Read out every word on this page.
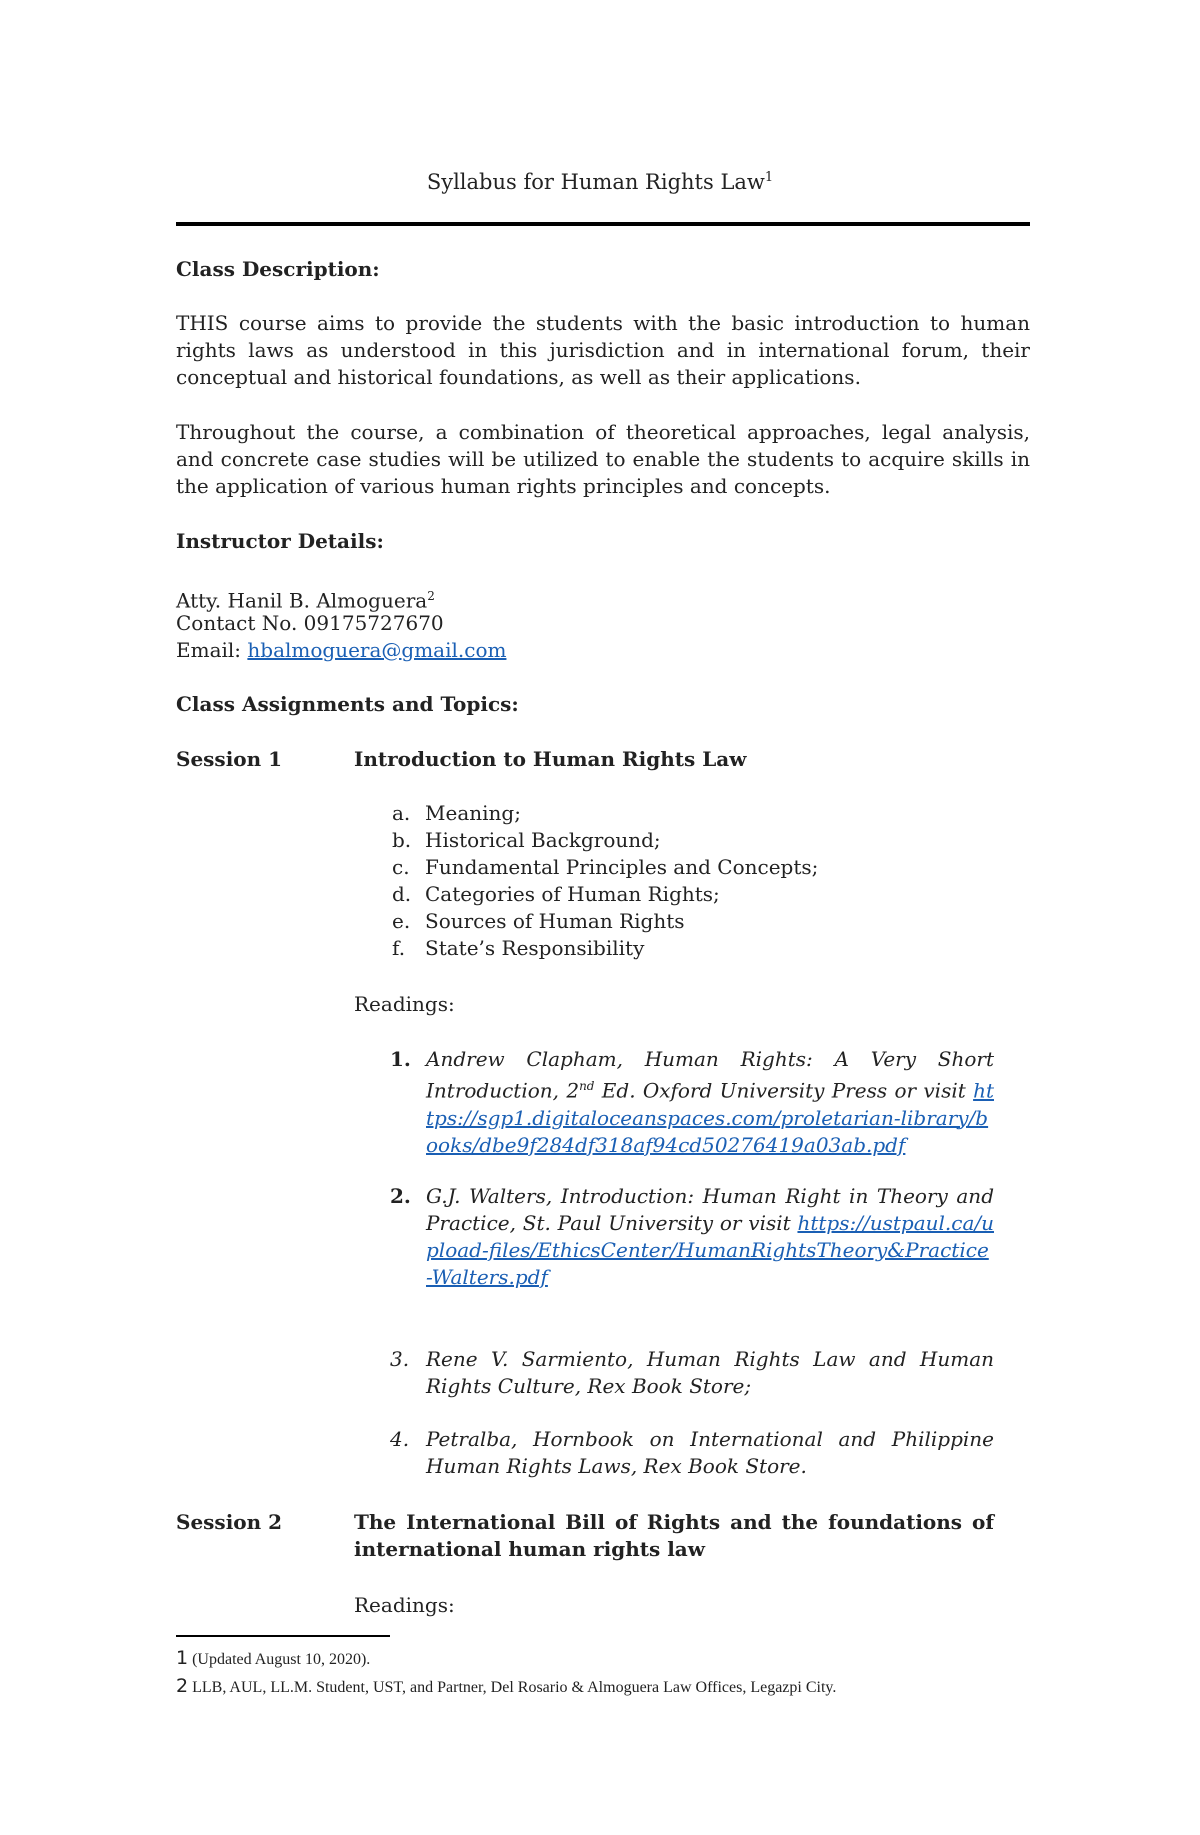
Syllabus for Human Rights Law$^1$
Class Description:
THIS course aims to provide the students with the basic introduction to human rights laws as understood in this jurisdiction and in international forum, their conceptual and historical foundations, as well as their applications.
Throughout the course, a combination of theoretical approaches, legal analysis, and concrete case studies will be utilized to enable the students to acquire skills in the application of various human rights principles and concepts.
Instructor Details:
Atty. Hanil B. Almoguera$^2$
Contact No. 09175727670
Email: hbalmoguera@gmail.com
Class Assignments and Topics:
Session 1	Introduction to Human Rights Law
a. Meaning;
b. Historical Background;
c. Fundamental Principles and Concepts;
d. Categories of Human Rights;
e. Sources of Human Rights
f. State’s Responsibility
Readings:
1. Andrew Clapham, Human Rights: A Very Short Introduction, 2nd Ed. Oxford University Press or visit https://sgp1.digitaloceanspaces.com/proletarian-library/books/dbe9f284df318af94cd50276419a03ab.pdf
2. G.J. Walters, Introduction: Human Right in Theory and Practice, St. Paul University or visit https://ustpaul.ca/upload-files/EthicsCenter/HumanRightsTheory&Practice-Walters.pdf
3. Rene V. Sarmiento, Human Rights Law and Human Rights Culture, Rex Book Store;
4. Petralba, Hornbook on International and Philippine Human Rights Laws, Rex Book Store.
Session 2	The International Bill of Rights and the foundations of international human rights law
Readings:
1 (Updated August 10, 2020).
2 LLB, AUL, LL.M. Student, UST, and Partner, Del Rosario & Almoguera Law Offices, Legazpi City.
